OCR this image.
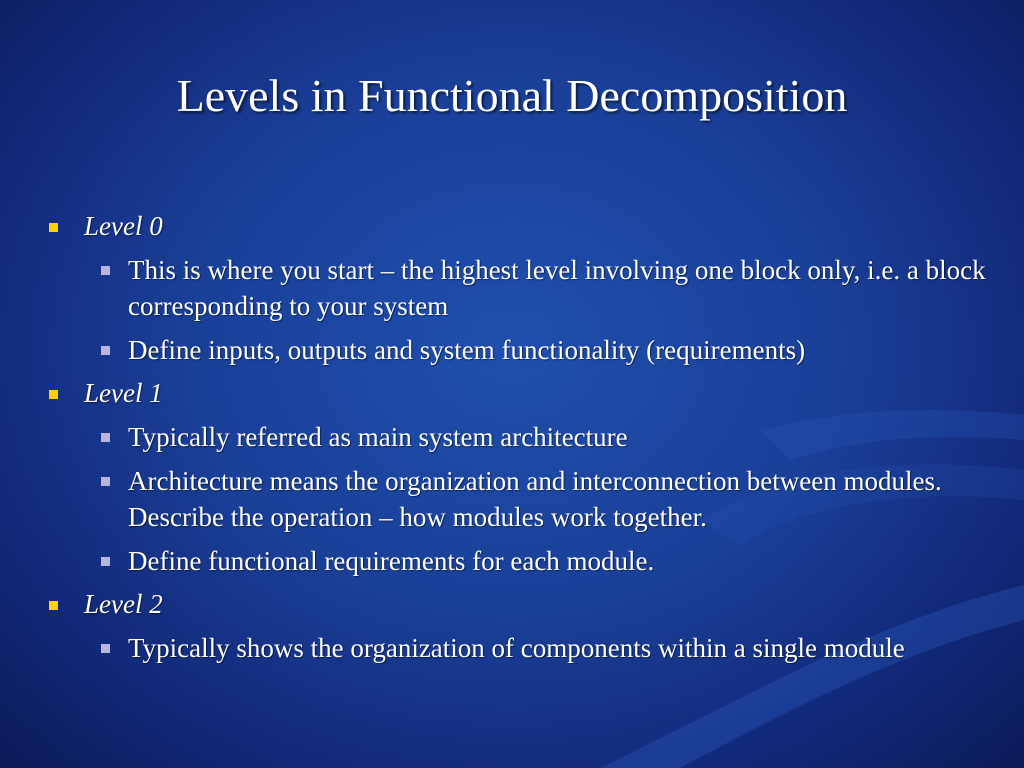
Levels in Functional Decomposition
Level 0
This is where you start – the highest level involving one block only, i.e. a block corresponding to your system
Define inputs, outputs and system functionality (requirements)
Level 1
Typically referred as main system architecture
Architecture means the organization and interconnection between modules. Describe the operation – how modules work together.
Define functional requirements for each module.
Level 2
Typically shows the organization of components within a single module
